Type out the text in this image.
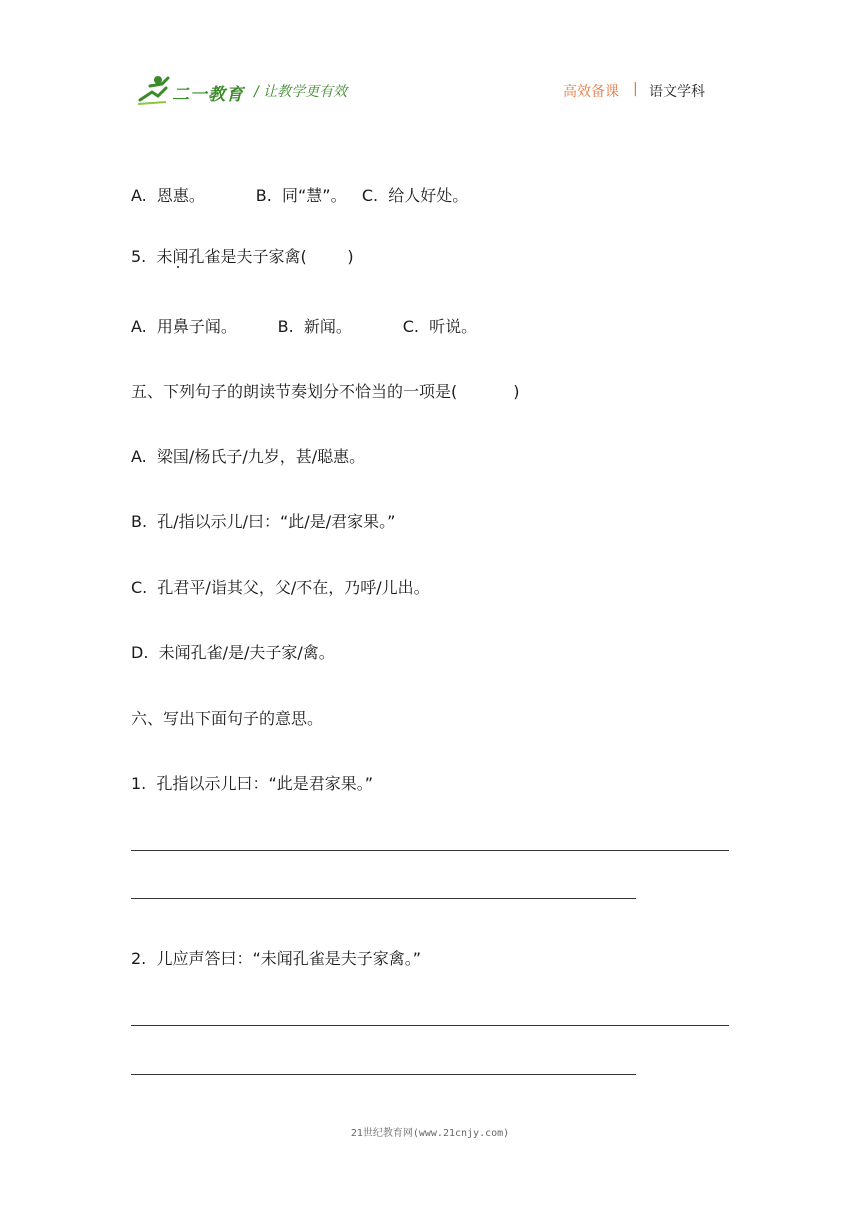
二一教育 / 让教学更有效	高效备课 | 语文学科
A.  恩惠。          B.  同“慧”。   C.  给人好处。
5.  未闻孔雀是夫子家禽(        )
A.  用鼻子闻。        B.  新闻。          C.  听说。
五、下列句子的朗读节奏划分不恰当的一项是(           )
A.  梁国/杨氏子/九岁，甚/聪惠。
B.  孔/指以示儿/曰：“此/是/君家果。”
C.  孔君平/诣其父，父/不在，乃呼/儿出。
D.  未闻孔雀/是/夫子家/禽。
六、写出下面句子的意思。
1.  孔指以示儿曰：“此是君家果。”
2.  儿应声答曰：“未闻孔雀是夫子家禽。”
21世纪教育网(www.21cnjy.com)
